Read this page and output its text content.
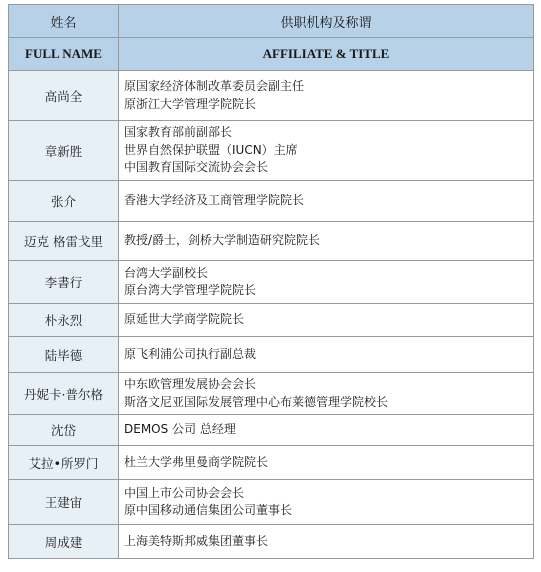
姓名	供职机构及称谓
FULL NAME	AFFILIATE & TITLE
高尚全	原国家经济体制改革委员会副主任
原浙江大学管理学院院长

章新胜	国家教育部前副部长
世界自然保护联盟（IUCN）主席
中国教育国际交流协会会长

张介	香港大学经济及工商管理学院院长

迈克 格雷戈里	教授/爵士，剑桥大学制造研究院院长

李書行	台湾大学副校长
原台湾大学管理学院院长

朴永烈	原延世大学商学院院长

陆毕德	原飞利浦公司执行副总裁

丹妮卡·普尔格	中东欧管理发展协会会长
斯洛文尼亚国际发展管理中心布莱德管理学院校长

沈岱	DEMOS 公司 总经理

艾拉•所罗门	杜兰大学弗里曼商学院院长

王建宙	中国上市公司协会会长
原中国移动通信集团公司董事长

周成建	上海美特斯邦威集团董事长
